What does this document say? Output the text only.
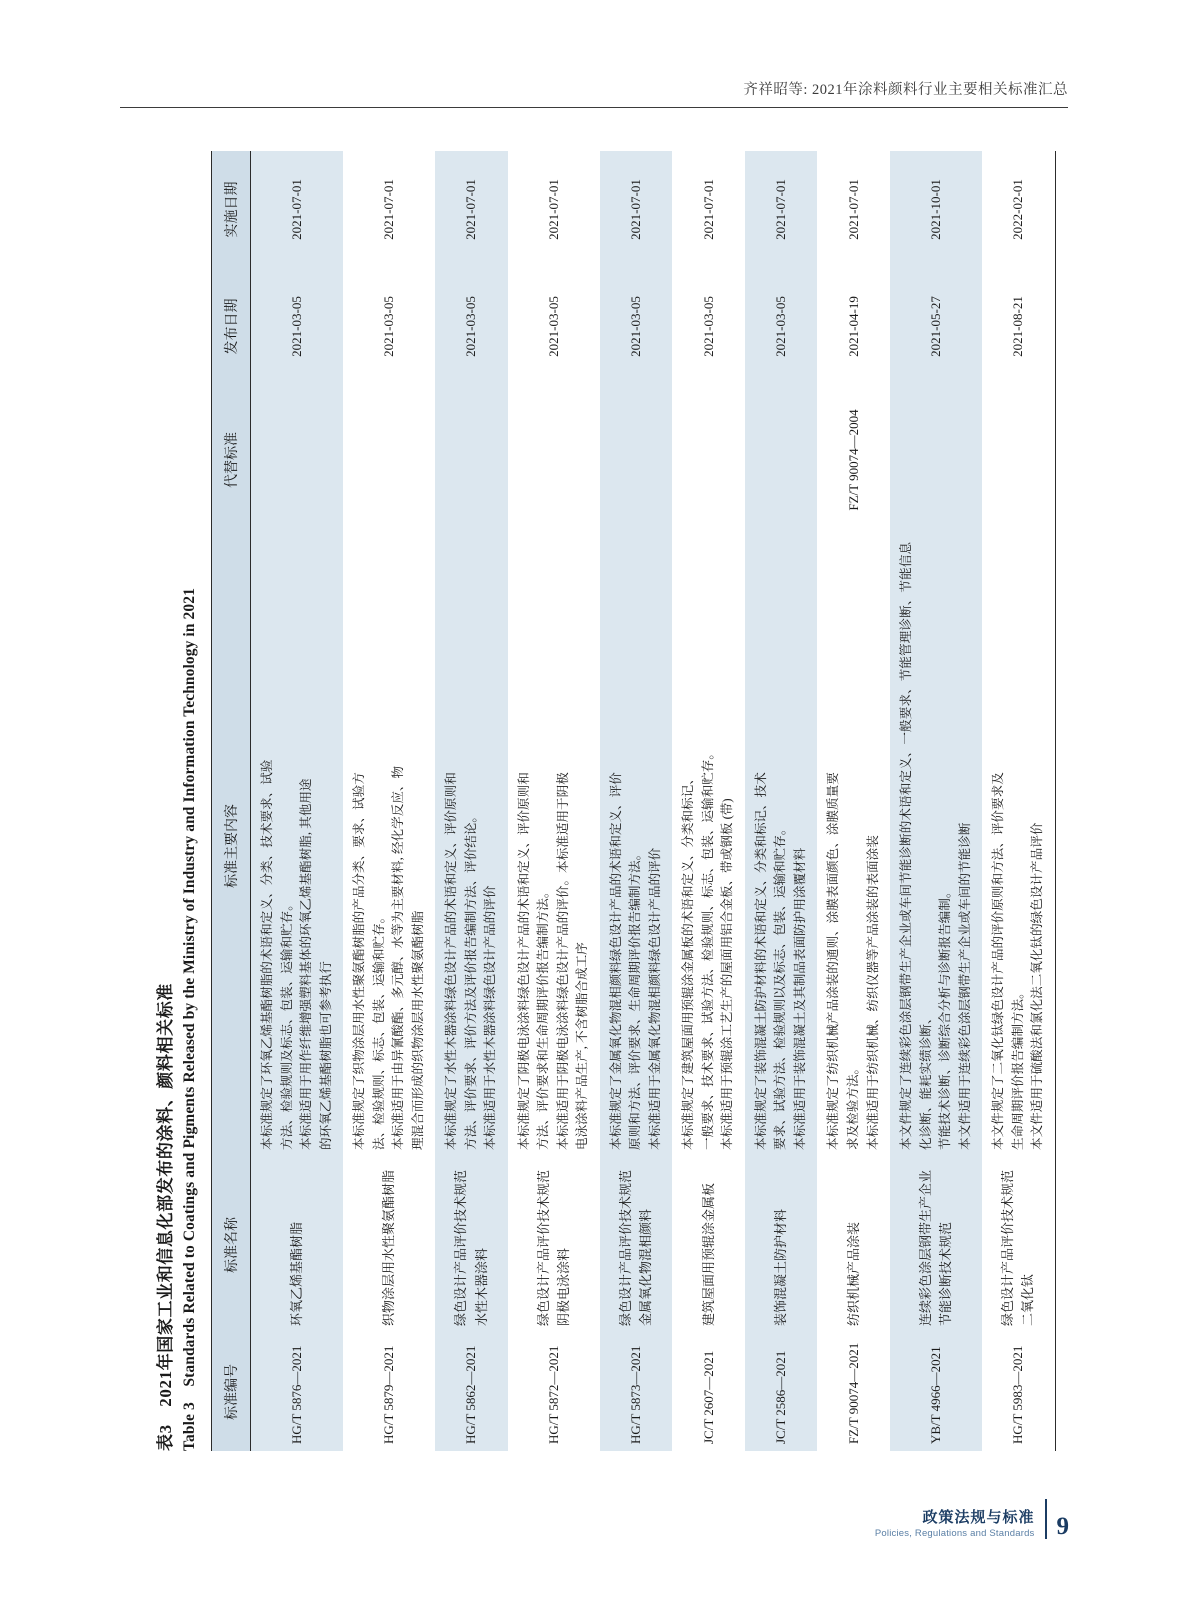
齐祥昭等: 2021年涂料颜料行业主要相关标准汇总
表3　2021年国家工业和信息化部发布的涂料、颜料相关标准 Table 3　Standards Related to Coatings and Pigments Released by the Ministry of Industry and Information Technology in 2021 标准编号	标准名称	标准主要内容	代替标准	发布日期	实施日期
HG/T 5876—2021	环氧乙烯基酯树脂	本标准规定了环氧乙烯基酯树脂的术语和定义、分类、技术要求、试验 方法、检验规则及标志、包装、运输和贮存。 本标准适用于用作纤维增强塑料基体的环氧乙烯基酯树脂, 其他用途 的环氧乙烯基酯树脂也可参考执行		2021-03-05	2021-07-01
HG/T 5879—2021	织物涂层用水性聚氨酯树脂	本标准规定了织物涂层用水性聚氨酯树脂的产品分类、要求、试验方 法、检验规则、标志、包装、运输和贮存。 本标准适用于由异氰酸酯、多元醇、水等为主要材料, 经化学反应、物 理混合而形成的织物涂层用水性聚氨酯树脂		2021-03-05	2021-07-01
HG/T 5862—2021	绿色设计产品评价技术规范　水性木器涂料	本标准规定了水性木器涂料绿色设计产品的术语和定义、评价原则和 方法、评价要求、评价方法及评价报告编制方法、评价结论。 本标准适用于水性木器涂料绿色设计产品的评价		2021-03-05	2021-07-01
HG/T 5872—2021	绿色设计产品评价技术规范　阴极电泳涂料	本标准规定了阴极电泳涂料绿色设计产品的术语和定义、评价原则和 方法、评价要求和生命周期评价报告编制方法。 本标准适用于阴极电泳涂料绿色设计产品的评价。本标准适用于阴极 电泳涂料产品生产, 不含树脂合成工序		2021-03-05	2021-07-01
HG/T 5873—2021	绿色设计产品评价技术规范　金属氧化物混相颜料	本标准规定了金属氧化物混相颜料绿色设计产品的术语和定义、评价 原则和方法、评价要求、生命周期评价报告编制方法。 本标准适用于金属氧化物混相颜料绿色设计产品的评价		2021-03-05	2021-07-01
JC/T 2607—2021	建筑屋面用预辊涂金属板	本标准规定了建筑屋面用预辊涂金属板的术语和定义、分类和标记、 一般要求、技术要求、试验方法、检验规则、标志、包装、运输和贮存。 本标准适用于预辊涂工艺生产的屋面用铝合金板、带或钢板 (带)		2021-03-05	2021-07-01
JC/T 2586—2021	装饰混凝土防护材料	本标准规定了装饰混凝土防护材料的术语和定义、分类和标记、技术 要求、试验方法、检验规则以及标志、包装、运输和贮存。 本标准适用于装饰混凝土及其制品表面防护用涂覆材料		2021-03-05	2021-07-01
FZ/T 90074—2021	纺织机械产品涂装	本标准规定了纺织机械产品涂装的通则、涂膜表面颜色、涂膜质量要 求及检验方法。 本标准适用于纺织机械、纺织仪器等产品涂装的表面涂装	FZ/T 90074—2004	2021-04-19	2021-07-01
YB/T 4966—2021	连续彩色涂层钢带生产企业节能诊断技术规范	本文件规定了连续彩色涂层钢带生产企业或车间节能诊断的术语和定义、一般要求、节能管理诊断、节能信息化诊断、能耗实绩诊断、 节能技术诊断、诊断综合分析与诊断报告编制。 本文件适用于连续彩色涂层钢带生产企业或车间的节能诊断		2021-05-27	2021-10-01
HG/T 5983—2021	绿色设计产品评价技术规范　二氧化钛	本文件规定了二氧化钛绿色设计产品的评价原则和方法、评价要求及 生命周期评价报告编制方法。 本文件适用于硫酸法和氯化法二氧化钛的绿色设计产品评价		2021-08-21	2022-02-01
政策法规与标准
Policies, Regulations and Standards 9
